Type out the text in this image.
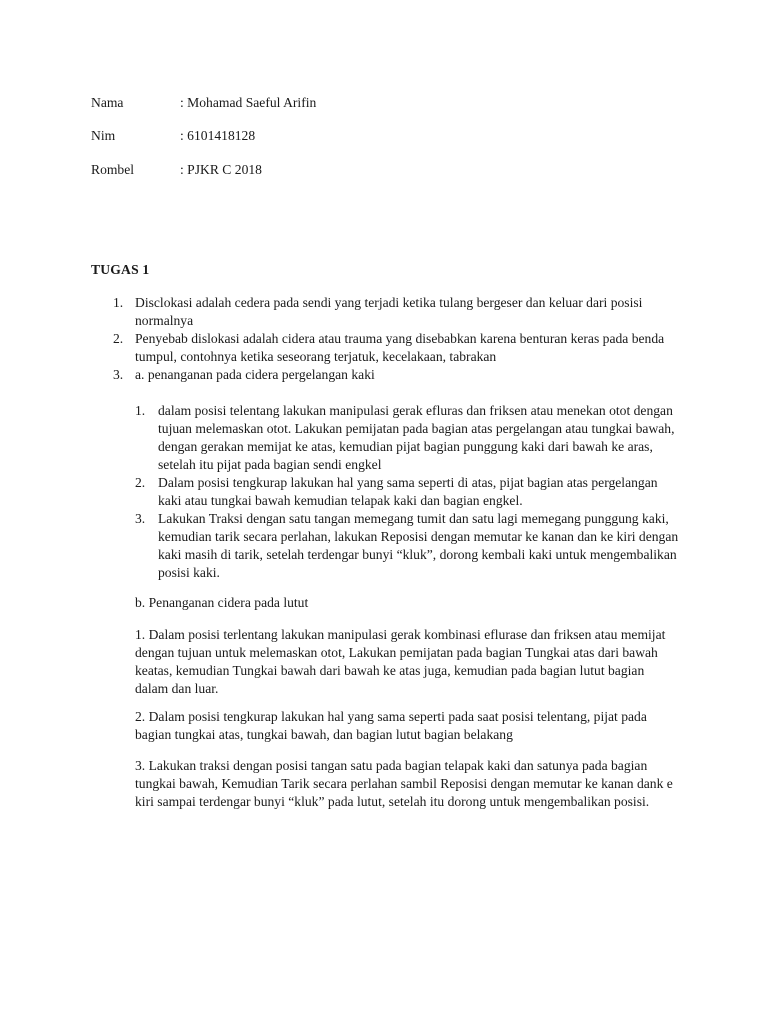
Nama	: Mohamad Saeful Arifin
Nim	: 6101418128
Rombel	: PJKR C 2018
TUGAS 1
1. Disclokasi adalah cedera pada sendi yang terjadi ketika tulang bergeser dan keluar dari posisi normalnya
2. Penyebab dislokasi adalah cidera atau trauma yang disebabkan karena benturan keras pada benda tumpul, contohnya ketika seseorang terjatuk, kecelakaan, tabrakan
3. a. penanganan pada cidera pergelangan kaki
1. dalam posisi telentang lakukan manipulasi gerak efluras dan friksen atau menekan otot dengan tujuan melemaskan otot. Lakukan pemijatan pada bagian atas pergelangan atau tungkai bawah, dengan gerakan memijat ke atas, kemudian pijat bagian punggung kaki dari bawah ke aras, setelah itu pijat pada bagian sendi engkel
2. Dalam posisi tengkurap lakukan hal yang sama seperti di atas, pijat bagian atas pergelangan kaki atau tungkai bawah kemudian telapak kaki dan bagian engkel.
3. Lakukan Traksi dengan satu tangan memegang tumit dan satu lagi memegang punggung kaki, kemudian tarik secara perlahan, lakukan Reposisi dengan memutar ke kanan dan ke kiri dengan kaki masih di tarik, setelah terdengar bunyi “kluk”, dorong kembali kaki untuk mengembalikan posisi kaki.
b. Penanganan cidera pada lutut
1. Dalam posisi terlentang lakukan manipulasi gerak kombinasi eflurase dan friksen atau memijat dengan tujuan untuk melemaskan otot, Lakukan pemijatan pada bagian Tungkai atas dari bawah keatas, kemudian Tungkai bawah dari bawah ke atas juga, kemudian pada bagian lutut bagian dalam dan luar.
2. Dalam posisi tengkurap lakukan hal yang sama seperti pada saat posisi telentang, pijat pada bagian tungkai atas, tungkai bawah, dan bagian lutut bagian belakang
3. Lakukan traksi dengan posisi tangan satu pada bagian telapak kaki dan satunya pada bagian tungkai bawah, Kemudian Tarik secara perlahan sambil Reposisi dengan memutar ke kanan dank e kiri sampai terdengar bunyi “kluk” pada lutut, setelah itu dorong untuk mengembalikan posisi.
